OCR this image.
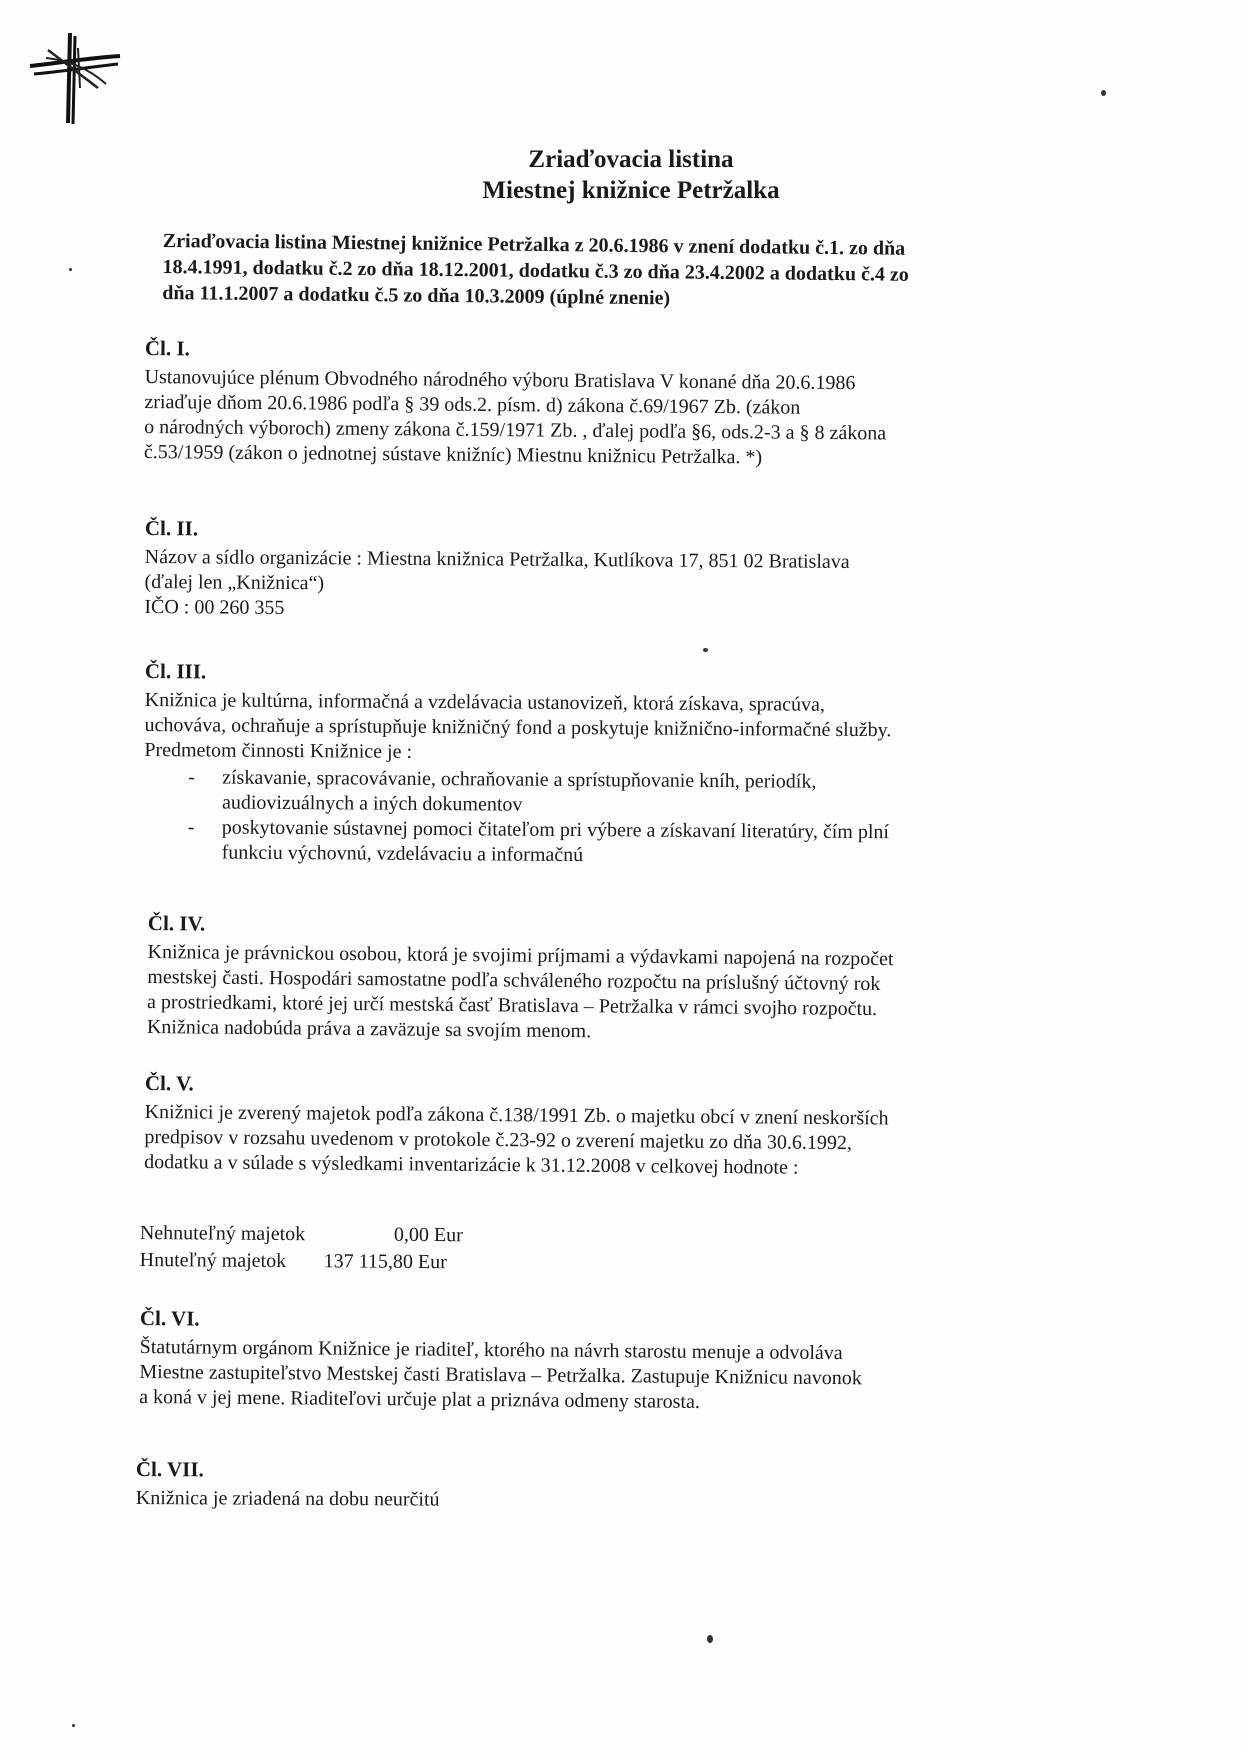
Zriaďovacia listina
Miestnej knižnice Petržalka

Zriaďovacia listina Miestnej knižnice Petržalka z 20.6.1986 v znení dodatku č.1. zo dňa
18.4.1991, dodatku č.2 zo dňa 18.12.2001, dodatku č.3 zo dňa 23.4.2002 a dodatku č.4 zo
dňa 11.1.2007 a dodatku č.5 zo dňa 10.3.2009 (úplné znenie)

Čl. I.

Ustanovujúce plénum Obvodného národného výboru Bratislava V konané dňa 20.6.1986
zriaďuje dňom 20.6.1986 podľa § 39 ods.2. písm. d) zákona č.69/1967 Zb. (zákon
o národných výboroch) zmeny zákona č.159/1971 Zb. , ďalej podľa §6, ods.2-3 a § 8 zákona
č.53/1959 (zákon o jednotnej sústave knižníc) Miestnu knižnicu Petržalka. *)

Čl. II.

Názov a sídlo organizácie : Miestna knižnica Petržalka, Kutlíkova 17, 851 02 Bratislava
(ďalej len „Knižnica“)
IČO : 00 260 355

Čl. III.

Knižnica je kultúrna, informačná a vzdelávacia ustanovizeň, ktorá získava, spracúva,
uchováva, ochraňuje a sprístupňuje knižničný fond a poskytuje knižnično-informačné služby.
Predmetom činnosti Knižnice je :

- získavanie, spracovávanie, ochraňovanie a sprístupňovanie kníh, periodík,
audiovizuálnych a iných dokumentov
- poskytovanie sústavnej pomoci čitateľom pri výbere a získavaní literatúry, čím plní
funkciu výchovnú, vzdelávaciu a informačnú
Čl. IV.

Knižnica je právnickou osobou, ktorá je svojimi príjmami a výdavkami napojená na rozpočet
mestskej časti. Hospodári samostatne podľa schváleného rozpočtu na príslušný účtovný rok
a prostriedkami, ktoré jej určí mestská časť Bratislava – Petržalka v rámci svojho rozpočtu.
Knižnica nadobúda práva a zaväzuje sa svojím menom.

Čl. V.

Knižnici je zverený majetok podľa zákona č.138/1991 Zb. o majetku obcí v znení neskorších
predpisov v rozsahu uvedenom v protokole č.23-92 o zverení majetku zo dňa 30.6.1992,
dodatku a v súlade s výsledkami inventarizácie k 31.12.2008 v celkovej hodnote :

Nehnuteľný majetok	0,00 Eur
Hnuteľný majetok 137 115,80 Eur
Čl. VI.

Štatutárnym orgánom Knižnice je riaditeľ, ktorého na návrh starostu menuje a odvoláva
Miestne zastupiteľstvo Mestskej časti Bratislava – Petržalka. Zastupuje Knižnicu navonok
a koná v jej mene. Riaditeľovi určuje plat a priznáva odmeny starosta.

Čl. VII.

Knižnica je zriadená na dobu neurčitú
